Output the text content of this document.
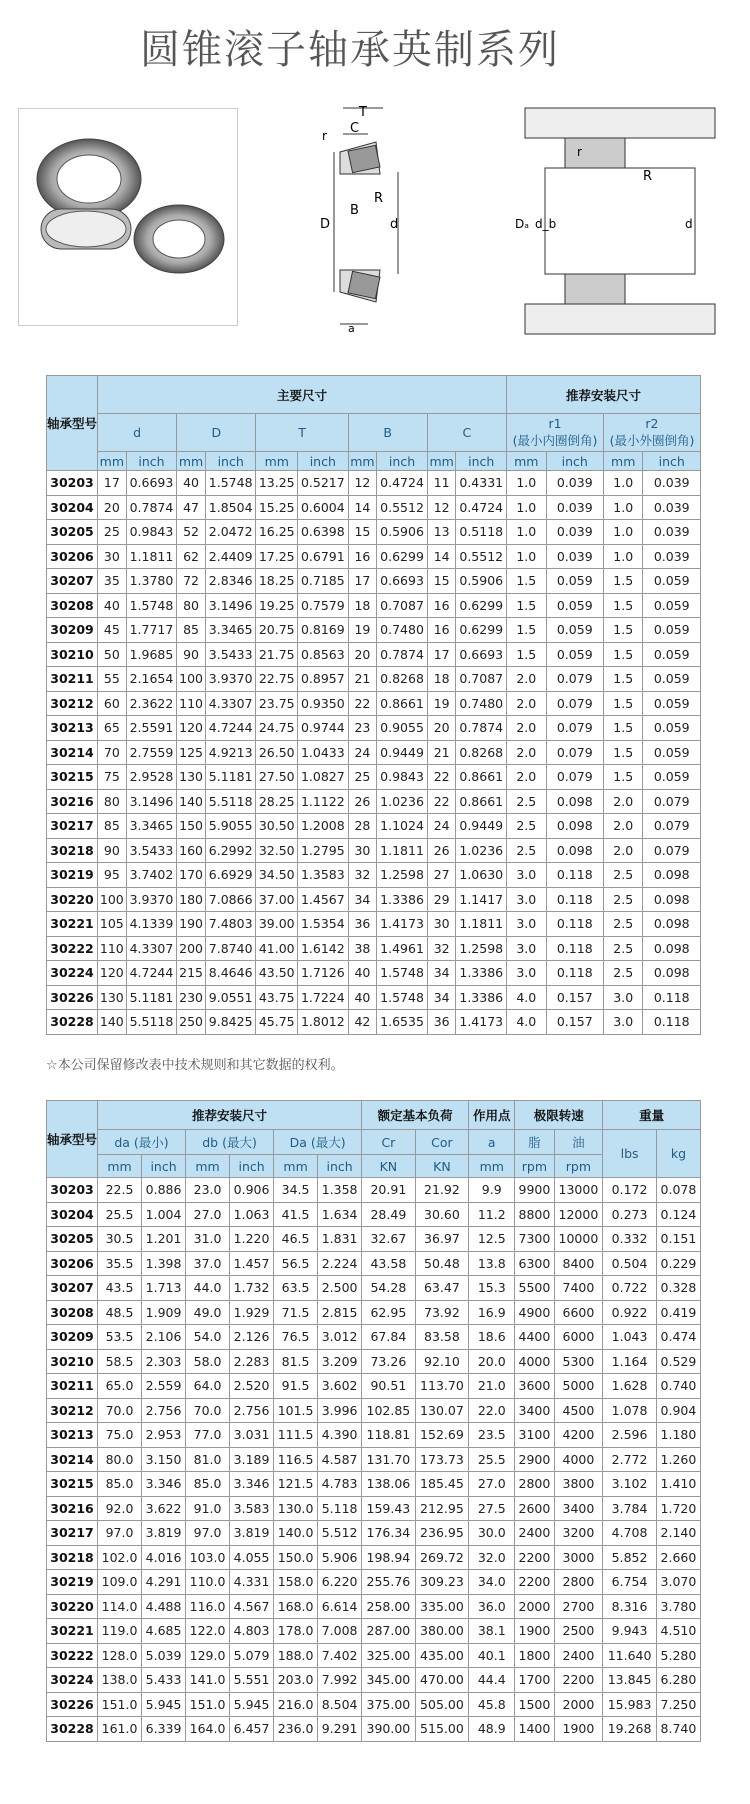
圆锥滚子轴承英制系列
T
C
r
D
B
R
d
a
r
R
Dₐ d_b	d
轴承型号	主要尺寸										推荐安装尺寸			
	d		D		T		B		C		r1
(最小内圈倒角)		r2
(最小外圈倒角)	
	mm	inch	mm	inch	mm	inch	mm	inch	mm	inch	mm	inch	mm	inch
30203	17	0.6693	40	1.5748	13.25	0.5217	12	0.4724	11	0.4331	1.0	0.039	1.0	0.039
30204	20	0.7874	47	1.8504	15.25	0.6004	14	0.5512	12	0.4724	1.0	0.039	1.0	0.039
30205	25	0.9843	52	2.0472	16.25	0.6398	15	0.5906	13	0.5118	1.0	0.039	1.0	0.039
30206	30	1.1811	62	2.4409	17.25	0.6791	16	0.6299	14	0.5512	1.0	0.039	1.0	0.039
30207	35	1.3780	72	2.8346	18.25	0.7185	17	0.6693	15	0.5906	1.5	0.059	1.5	0.059
30208	40	1.5748	80	3.1496	19.25	0.7579	18	0.7087	16	0.6299	1.5	0.059	1.5	0.059
30209	45	1.7717	85	3.3465	20.75	0.8169	19	0.7480	16	0.6299	1.5	0.059	1.5	0.059
30210	50	1.9685	90	3.5433	21.75	0.8563	20	0.7874	17	0.6693	1.5	0.059	1.5	0.059
30211	55	2.1654	100	3.9370	22.75	0.8957	21	0.8268	18	0.7087	2.0	0.079	1.5	0.059
30212	60	2.3622	110	4.3307	23.75	0.9350	22	0.8661	19	0.7480	2.0	0.079	1.5	0.059
30213	65	2.5591	120	4.7244	24.75	0.9744	23	0.9055	20	0.7874	2.0	0.079	1.5	0.059
30214	70	2.7559	125	4.9213	26.50	1.0433	24	0.9449	21	0.8268	2.0	0.079	1.5	0.059
30215	75	2.9528	130	5.1181	27.50	1.0827	25	0.9843	22	0.8661	2.0	0.079	1.5	0.059
30216	80	3.1496	140	5.5118	28.25	1.1122	26	1.0236	22	0.8661	2.5	0.098	2.0	0.079
30217	85	3.3465	150	5.9055	30.50	1.2008	28	1.1024	24	0.9449	2.5	0.098	2.0	0.079
30218	90	3.5433	160	6.2992	32.50	1.2795	30	1.1811	26	1.0236	2.5	0.098	2.0	0.079
30219	95	3.7402	170	6.6929	34.50	1.3583	32	1.2598	27	1.0630	3.0	0.118	2.5	0.098
30220	100	3.9370	180	7.0866	37.00	1.4567	34	1.3386	29	1.1417	3.0	0.118	2.5	0.098
30221	105	4.1339	190	7.4803	39.00	1.5354	36	1.4173	30	1.1811	3.0	0.118	2.5	0.098
30222	110	4.3307	200	7.8740	41.00	1.6142	38	1.4961	32	1.2598	3.0	0.118	2.5	0.098
30224	120	4.7244	215	8.4646	43.50	1.7126	40	1.5748	34	1.3386	3.0	0.118	2.5	0.098
30226	130	5.1181	230	9.0551	43.75	1.7224	40	1.5748	34	1.3386	4.0	0.157	3.0	0.118
30228	140	5.5118	250	9.8425	45.75	1.8012	42	1.6535	36	1.4173	4.0	0.157	3.0	0.118
☆本公司保留修改表中技术规则和其它数据的权利。
轴承型号	推荐安装尺寸						额定基本负荷		作用点	极限转速		重量	
	da (最小)		db (最大)		Da (最大)		Cr	Cor	a	脂	油	lbs	kg
	mm	inch	mm	inch	mm	inch	KN	KN	mm	rpm	rpm		
30203	22.5	0.886	23.0	0.906	34.5	1.358	20.91	21.92	9.9	9900	13000	0.172	0.078
30204	25.5	1.004	27.0	1.063	41.5	1.634	28.49	30.60	11.2	8800	12000	0.273	0.124
30205	30.5	1.201	31.0	1.220	46.5	1.831	32.67	36.97	12.5	7300	10000	0.332	0.151
30206	35.5	1.398	37.0	1.457	56.5	2.224	43.58	50.48	13.8	6300	8400	0.504	0.229
30207	43.5	1.713	44.0	1.732	63.5	2.500	54.28	63.47	15.3	5500	7400	0.722	0.328
30208	48.5	1.909	49.0	1.929	71.5	2.815	62.95	73.92	16.9	4900	6600	0.922	0.419
30209	53.5	2.106	54.0	2.126	76.5	3.012	67.84	83.58	18.6	4400	6000	1.043	0.474
30210	58.5	2.303	58.0	2.283	81.5	3.209	73.26	92.10	20.0	4000	5300	1.164	0.529
30211	65.0	2.559	64.0	2.520	91.5	3.602	90.51	113.70	21.0	3600	5000	1.628	0.740
30212	70.0	2.756	70.0	2.756	101.5	3.996	102.85	130.07	22.0	3400	4500	1.078	0.904
30213	75.0	2.953	77.0	3.031	111.5	4.390	118.81	152.69	23.5	3100	4200	2.596	1.180
30214	80.0	3.150	81.0	3.189	116.5	4.587	131.70	173.73	25.5	2900	4000	2.772	1.260
30215	85.0	3.346	85.0	3.346	121.5	4.783	138.06	185.45	27.0	2800	3800	3.102	1.410
30216	92.0	3.622	91.0	3.583	130.0	5.118	159.43	212.95	27.5	2600	3400	3.784	1.720
30217	97.0	3.819	97.0	3.819	140.0	5.512	176.34	236.95	30.0	2400	3200	4.708	2.140
30218	102.0	4.016	103.0	4.055	150.0	5.906	198.94	269.72	32.0	2200	3000	5.852	2.660
30219	109.0	4.291	110.0	4.331	158.0	6.220	255.76	309.23	34.0	2200	2800	6.754	3.070
30220	114.0	4.488	116.0	4.567	168.0	6.614	258.00	335.00	36.0	2000	2700	8.316	3.780
30221	119.0	4.685	122.0	4.803	178.0	7.008	287.00	380.00	38.1	1900	2500	9.943	4.510
30222	128.0	5.039	129.0	5.079	188.0	7.402	325.00	435.00	40.1	1800	2400	11.640	5.280
30224	138.0	5.433	141.0	5.551	203.0	7.992	345.00	470.00	44.4	1700	2200	13.845	6.280
30226	151.0	5.945	151.0	5.945	216.0	8.504	375.00	505.00	45.8	1500	2000	15.983	7.250
30228	161.0	6.339	164.0	6.457	236.0	9.291	390.00	515.00	48.9	1400	1900	19.268	8.740
